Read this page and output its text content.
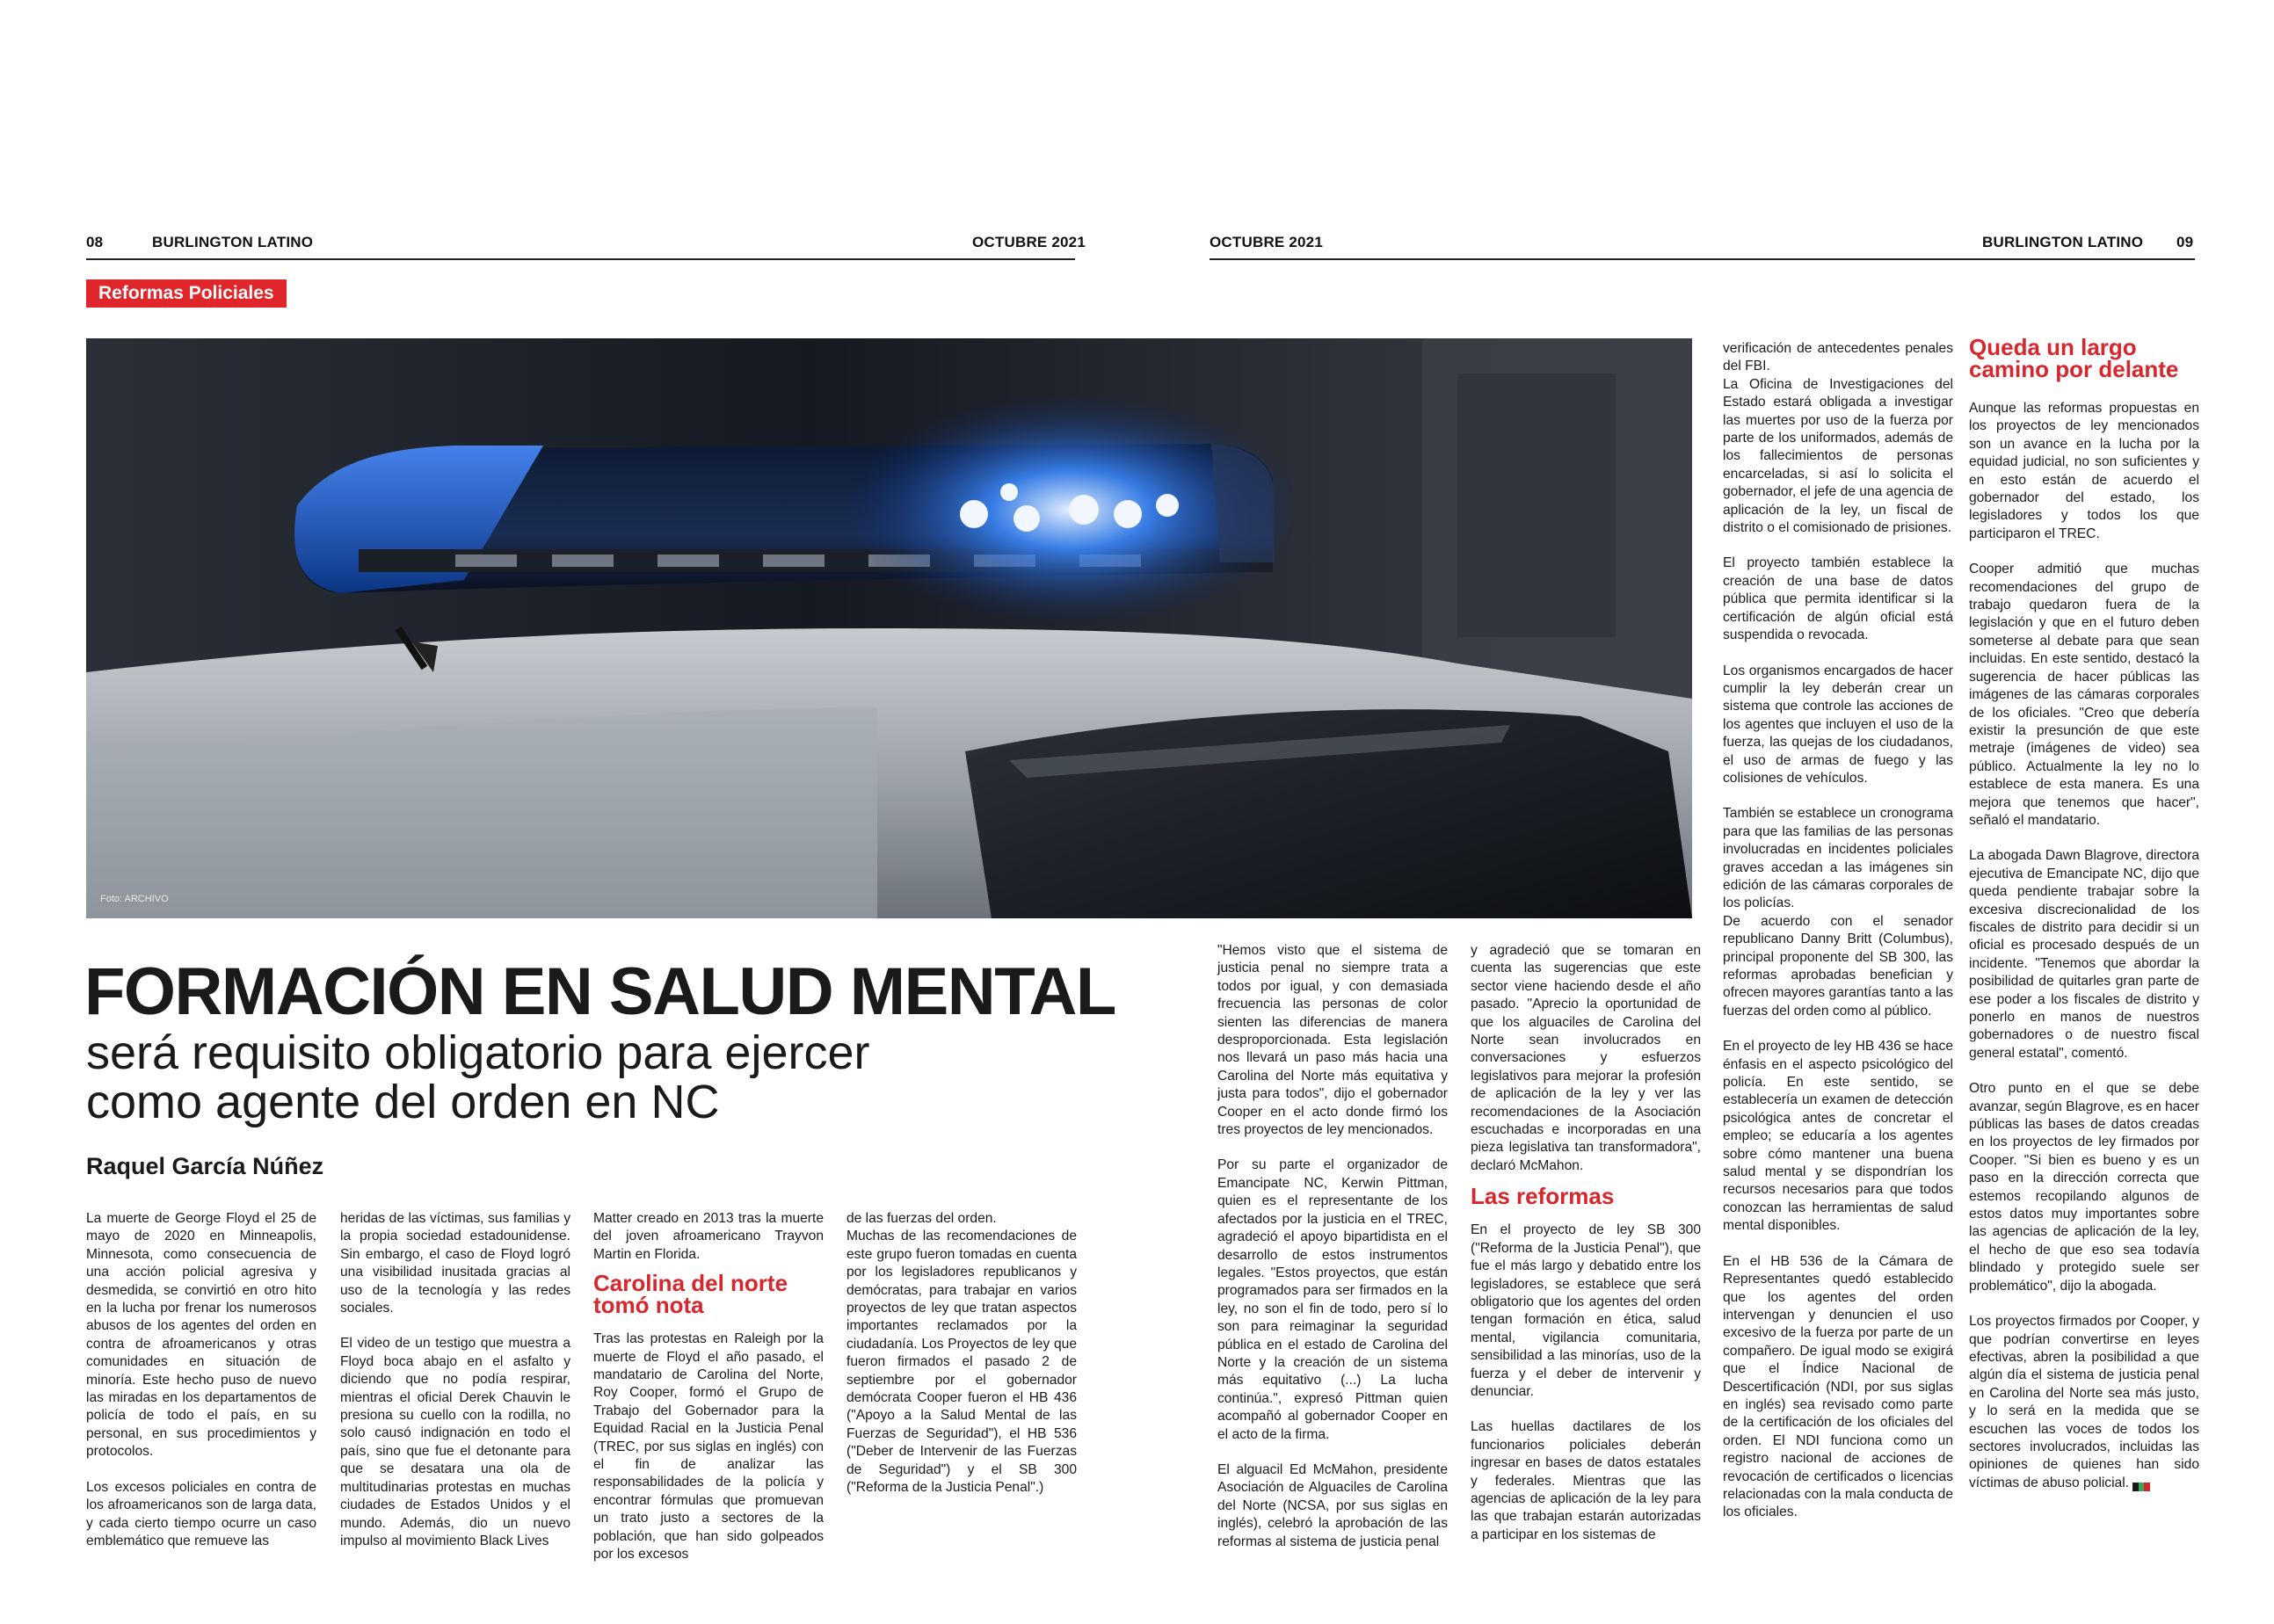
08	BURLINGTON LATINO	OCTUBRE 2021	OCTUBRE 2021	BURLINGTON LATINO 09
Reformas Policiales
Foto: ARCHIVO
FORMACIÓN EN SALUD MENTAL
será requisito obligatorio para ejercer
como agente del orden en NC
Raquel García Núñez

La muerte de George Floyd el 25 de mayo de 2020 en Minneapolis, Minnesota, como consecuencia de una acción policial agresiva y desmedida, se convirtió en otro hito en la lucha por frenar los numerosos abusos de los agentes del orden en contra de afroamericanos y otras comunidades en situación de minoría. Este hecho puso de nuevo las miradas en los departamentos de policía de todo el país, en su personal, en sus procedimientos y protocolos.

Los excesos policiales en contra de los afroamericanos son de larga data, y cada cierto tiempo ocurre un caso emblemático que remueve las

heridas de las víctimas, sus familias y la propia sociedad estadounidense. Sin embargo, el caso de Floyd logró una visibilidad inusitada gracias al uso de la tecnología y las redes sociales.

El video de un testigo que muestra a Floyd boca abajo en el asfalto y diciendo que no podía respirar, mientras el oficial Derek Chauvin le presiona su cuello con la rodilla, no solo causó indignación en todo el país, sino que fue el detonante para que se desatara una ola de multitudinarias protestas en muchas ciudades de Estados Unidos y el mundo. Además, dio un nuevo impulso al movimiento Black Lives

Matter creado en 2013 tras la muerte del joven afroamericano Trayvon Martin en Florida.

Carolina del norte tomó nota

Tras las protestas en Raleigh por la muerte de Floyd el año pasado, el mandatario de Carolina del Norte, Roy Cooper, formó el Grupo de Trabajo del Gobernador para la Equidad Racial en la Justicia Penal (TREC, por sus siglas en inglés) con el fin de analizar las responsabilidades de la policía y encontrar fórmulas que promuevan un trato justo a sectores de la población, que han sido golpeados por los excesos

de las fuerzas del orden.

Muchas de las recomendaciones de este grupo fueron tomadas en cuenta por los legisladores republicanos y demócratas, para trabajar en varios proyectos de ley que tratan aspectos importantes reclamados por la ciudadanía. Los Proyectos de ley que fueron firmados el pasado 2 de septiembre por el gobernador demócrata Cooper fueron el HB 436 ("Apoyo a la Salud Mental de las Fuerzas de Seguridad"), el HB 536 ("Deber de Intervenir de las Fuerzas de Seguridad") y el SB 300 ("Reforma de la Justicia Penal".)

"Hemos visto que el sistema de justicia penal no siempre trata a todos por igual, y con demasiada frecuencia las personas de color sienten las diferencias de manera desproporcionada. Esta legislación nos llevará un paso más hacia una Carolina del Norte más equitativa y justa para todos", dijo el gobernador Cooper en el acto donde firmó los tres proyectos de ley mencionados.

Por su parte el organizador de Emancipate NC, Kerwin Pittman, quien es el representante de los afectados por la justicia en el TREC, agradeció el apoyo bipartidista en el desarrollo de estos instrumentos legales. "Estos proyectos, que están programados para ser firmados en la ley, no son el fin de todo, pero sí lo son para reimaginar la seguridad pública en el estado de Carolina del Norte y la creación de un sistema más equitativo (...) La lucha continúa.", expresó Pittman quien acompañó al gobernador Cooper en el acto de la firma.

El alguacil Ed McMahon, presidente Asociación de Alguaciles de Carolina del Norte (NCSA, por sus siglas en inglés), celebró la aprobación de las reformas al sistema de justicia penal

y agradeció que se tomaran en cuenta las sugerencias que este sector viene haciendo desde el año pasado. "Aprecio la oportunidad de que los alguaciles de Carolina del Norte sean involucrados en conversaciones y esfuerzos legislativos para mejorar la profesión de aplicación de la ley y ver las recomendaciones de la Asociación escuchadas e incorporadas en una pieza legislativa tan transformadora", declaró McMahon.

Las reformas

En el proyecto de ley SB 300 ("Reforma de la Justicia Penal"), que fue el más largo y debatido entre los legisladores, se establece que será obligatorio que los agentes del orden tengan formación en ética, salud mental, vigilancia comunitaria, sensibilidad a las minorías, uso de la fuerza y el deber de intervenir y denunciar.

Las huellas dactilares de los funcionarios policiales deberán ingresar en bases de datos estatales y federales. Mientras que las agencias de aplicación de la ley para las que trabajan estarán autorizadas a participar en los sistemas de

verificación de antecedentes penales del FBI.

La Oficina de Investigaciones del Estado estará obligada a investigar las muertes por uso de la fuerza por parte de los uniformados, además de los fallecimientos de personas encarceladas, si así lo solicita el gobernador, el jefe de una agencia de aplicación de la ley, un fiscal de distrito o el comisionado de prisiones.

El proyecto también establece la creación de una base de datos pública que permita identificar si la certificación de algún oficial está suspendida o revocada.

Los organismos encargados de hacer cumplir la ley deberán crear un sistema que controle las acciones de los agentes que incluyen el uso de la fuerza, las quejas de los ciudadanos, el uso de armas de fuego y las colisiones de vehículos.

También se establece un cronograma para que las familias de las personas involucradas en incidentes policiales graves accedan a las imágenes sin edición de las cámaras corporales de los policías.

De acuerdo con el senador republicano Danny Britt (Columbus), principal proponente del SB 300, las reformas aprobadas benefician y ofrecen mayores garantías tanto a las fuerzas del orden como al público.

En el proyecto de ley HB 436 se hace énfasis en el aspecto psicológico del policía. En este sentido, se establecería un examen de detección psicológica antes de concretar el empleo; se educaría a los agentes sobre cómo mantener una buena salud mental y se dispondrían los recursos necesarios para que todos conozcan las herramientas de salud mental disponibles.

En el HB 536 de la Cámara de Representantes quedó establecido que los agentes del orden intervengan y denuncien el uso excesivo de la fuerza por parte de un compañero. De igual modo se exigirá que el Índice Nacional de Descertificación (NDI, por sus siglas en inglés) sea revisado como parte de la certificación de los oficiales del orden. El NDI funciona como un registro nacional de acciones de revocación de certificados o licencias relacionadas con la mala conducta de los oficiales.

Queda un largo camino por delante

Aunque las reformas propuestas en los proyectos de ley mencionados son un avance en la lucha por la equidad judicial, no son suficientes y en esto están de acuerdo el gobernador del estado, los legisladores y todos los que participaron el TREC.

Cooper admitió que muchas recomendaciones del grupo de trabajo quedaron fuera de la legislación y que en el futuro deben someterse al debate para que sean incluidas. En este sentido, destacó la sugerencia de hacer públicas las imágenes de las cámaras corporales de los oficiales. "Creo que debería existir la presunción de que este metraje (imágenes de video) sea público. Actualmente la ley no lo establece de esta manera. Es una mejora que tenemos que hacer", señaló el mandatario.

La abogada Dawn Blagrove, directora ejecutiva de Emancipate NC, dijo que queda pendiente trabajar sobre la excesiva discrecionalidad de los fiscales de distrito para decidir si un oficial es procesado después de un incidente. "Tenemos que abordar la posibilidad de quitarles gran parte de ese poder a los fiscales de distrito y ponerlo en manos de nuestros gobernadores o de nuestro fiscal general estatal", comentó.

Otro punto en el que se debe avanzar, según Blagrove, es en hacer públicas las bases de datos creadas en los proyectos de ley firmados por Cooper. "Si bien es bueno y es un paso en la dirección correcta que estemos recopilando algunos de estos datos muy importantes sobre las agencias de aplicación de la ley, el hecho de que eso sea todavía blindado y protegido suele ser problemático", dijo la abogada.

Los proyectos firmados por Cooper, y que podrían convertirse en leyes efectivas, abren la posibilidad a que algún día el sistema de justicia penal en Carolina del Norte sea más justo, y lo será en la medida que se escuchen las voces de todos los sectores involucrados, incluidas las opiniones de quienes han sido víctimas de abuso policial.
